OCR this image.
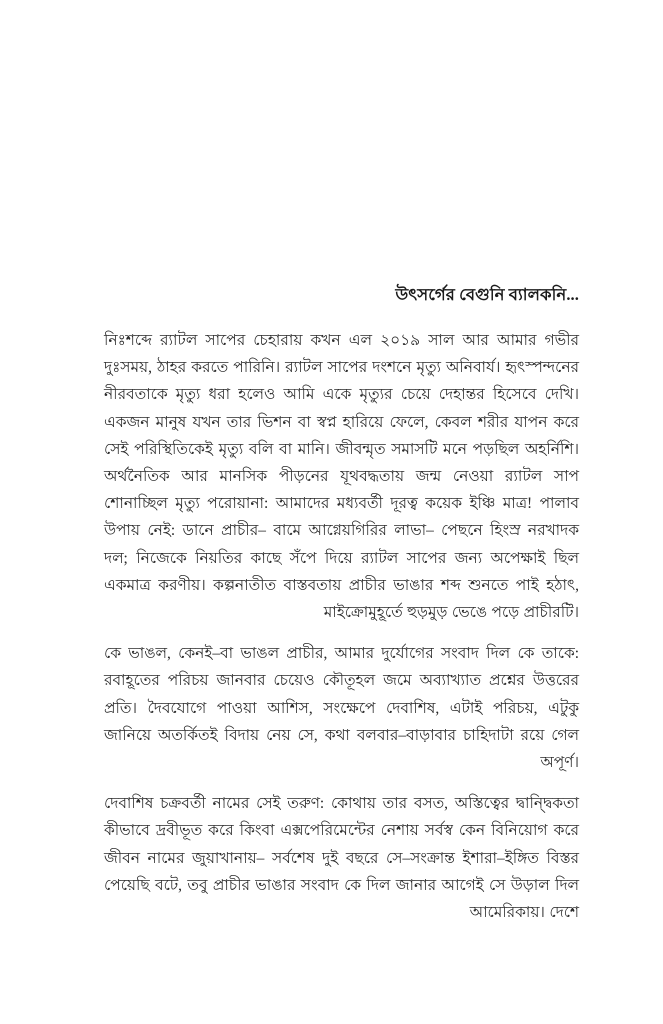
উৎসর্গের বেগুনি ব্যালকনি...

নিঃশব্দে র‍্যাটল সাপের চেহারায় কখন এল ২০১৯ সাল আর আমার গভীর দুঃসময়, ঠাহর করতে পারিনি। র‍্যাটল সাপের দংশনে মৃত্যু অনিবার্য। হৃৎস্পন্দনের নীরবতাকে মৃত্যু ধরা হলেও আমি একে মৃত্যুর চেয়ে দেহান্তর হিসেবে দেখি। একজন মানুষ যখন তার ভিশন বা স্বপ্ন হারিয়ে ফেলে, কেবল শরীর যাপন করে সেই পরিস্থিতিকেই মৃত্যু বলি বা মানি। জীবন্মৃত সমাসটি মনে পড়ছিল অহর্নিশি। অর্থনৈতিক আর মানসিক পীড়নের যূথবদ্ধতায় জন্ম নেওয়া র‍্যাটল সাপ শোনাচ্ছিল মৃত্যু পরোয়ানা: আমাদের মধ্যবর্তী দূরত্ব কয়েক ইঞ্চি মাত্র! পালাব উপায় নেই: ডানে প্রাচীর– বামে আগ্নেয়গিরির লাভা– পেছনে হিংস্র নরখাদক দল; নিজেকে নিয়তির কাছে সঁপে দিয়ে র‍্যাটল সাপের জন্য অপেক্ষাই ছিল একমাত্র করণীয়। কল্পনাতীত বাস্তবতায় প্রাচীর ভাঙার শব্দ শুনতে পাই হঠাৎ, মাইক্রোমুহূর্তে হুড়মুড় ভেঙে পড়ে প্রাচীরটি।

কে ভাঙল, কেনই–বা ভাঙল প্রাচীর, আমার দুর্যোগের সংবাদ দিল কে তাকে: রবাহূতের পরিচয় জানবার চেয়েও কৌতূহল জমে অব্যাখ্যাত প্রশ্নের উত্তরের প্রতি। দৈবযোগে পাওয়া আশিস, সংক্ষেপে দেবাশিষ, এটাই পরিচয়, এটুকু জানিয়ে অতর্কিতই বিদায় নেয় সে, কথা বলবার–বাড়াবার চাহিদাটা রয়ে গেল অপূর্ণ।

দেবাশিষ চক্রবর্তী নামের সেই তরুণ: কোথায় তার বসত, অস্তিত্বের দ্বান্দ্বিকতা কীভাবে দ্রবীভূত করে কিংবা এক্সপেরিমেন্টের নেশায় সর্বস্ব কেন বিনিয়োগ করে জীবন নামের জুয়াখানায়– সর্বশেষ দুই বছরে সে–সংক্রান্ত ইশারা–ইঙ্গিত বিস্তর পেয়েছি বটে, তবু প্রাচীর ভাঙার সংবাদ কে দিল জানার আগেই সে উড়াল দিল আমেরিকায়। দেশে
